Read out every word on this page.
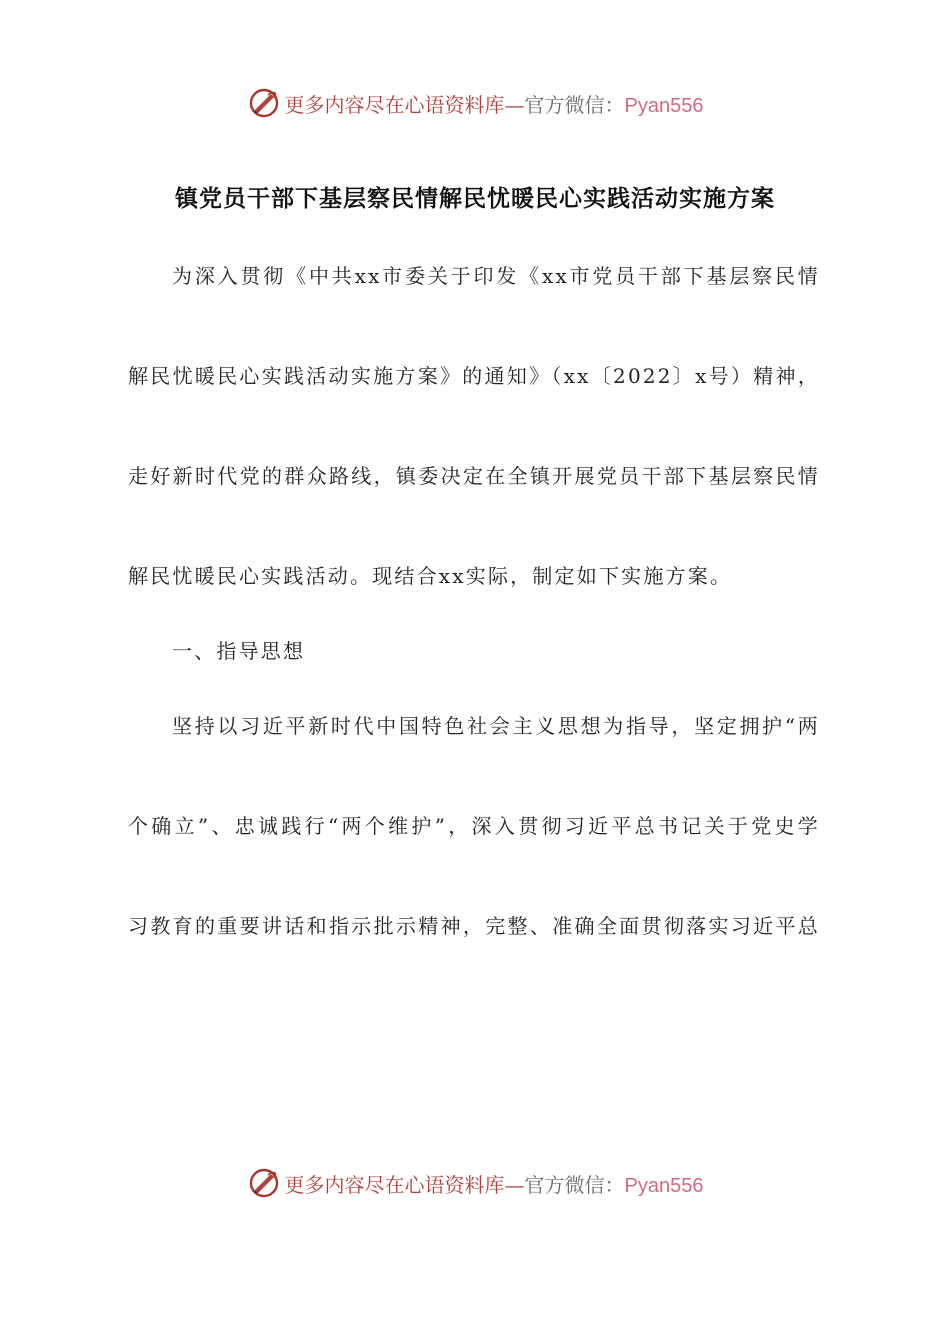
更多内容尽在心语资料库—官方微信：Pyan556
镇党员干部下基层察民情解民忧暖民心实践活动实施方案
为深入贯彻《中共xx市委关于印发《xx市党员干部下基层察民情
解民忧暖民心实践活动实施方案》的通知》（xx〔2022〕x号）精神，
走好新时代党的群众路线，镇委决定在全镇开展党员干部下基层察民情
解民忧暖民心实践活动。现结合xx实际，制定如下实施方案。
一、指导思想
坚持以习近平新时代中国特色社会主义思想为指导，坚定拥护“两
个确立”、忠诚践行“两个维护”，深入贯彻习近平总书记关于党史学
习教育的重要讲话和指示批示精神，完整、准确全面贯彻落实习近平总
更多内容尽在心语资料库—官方微信：Pyan556
